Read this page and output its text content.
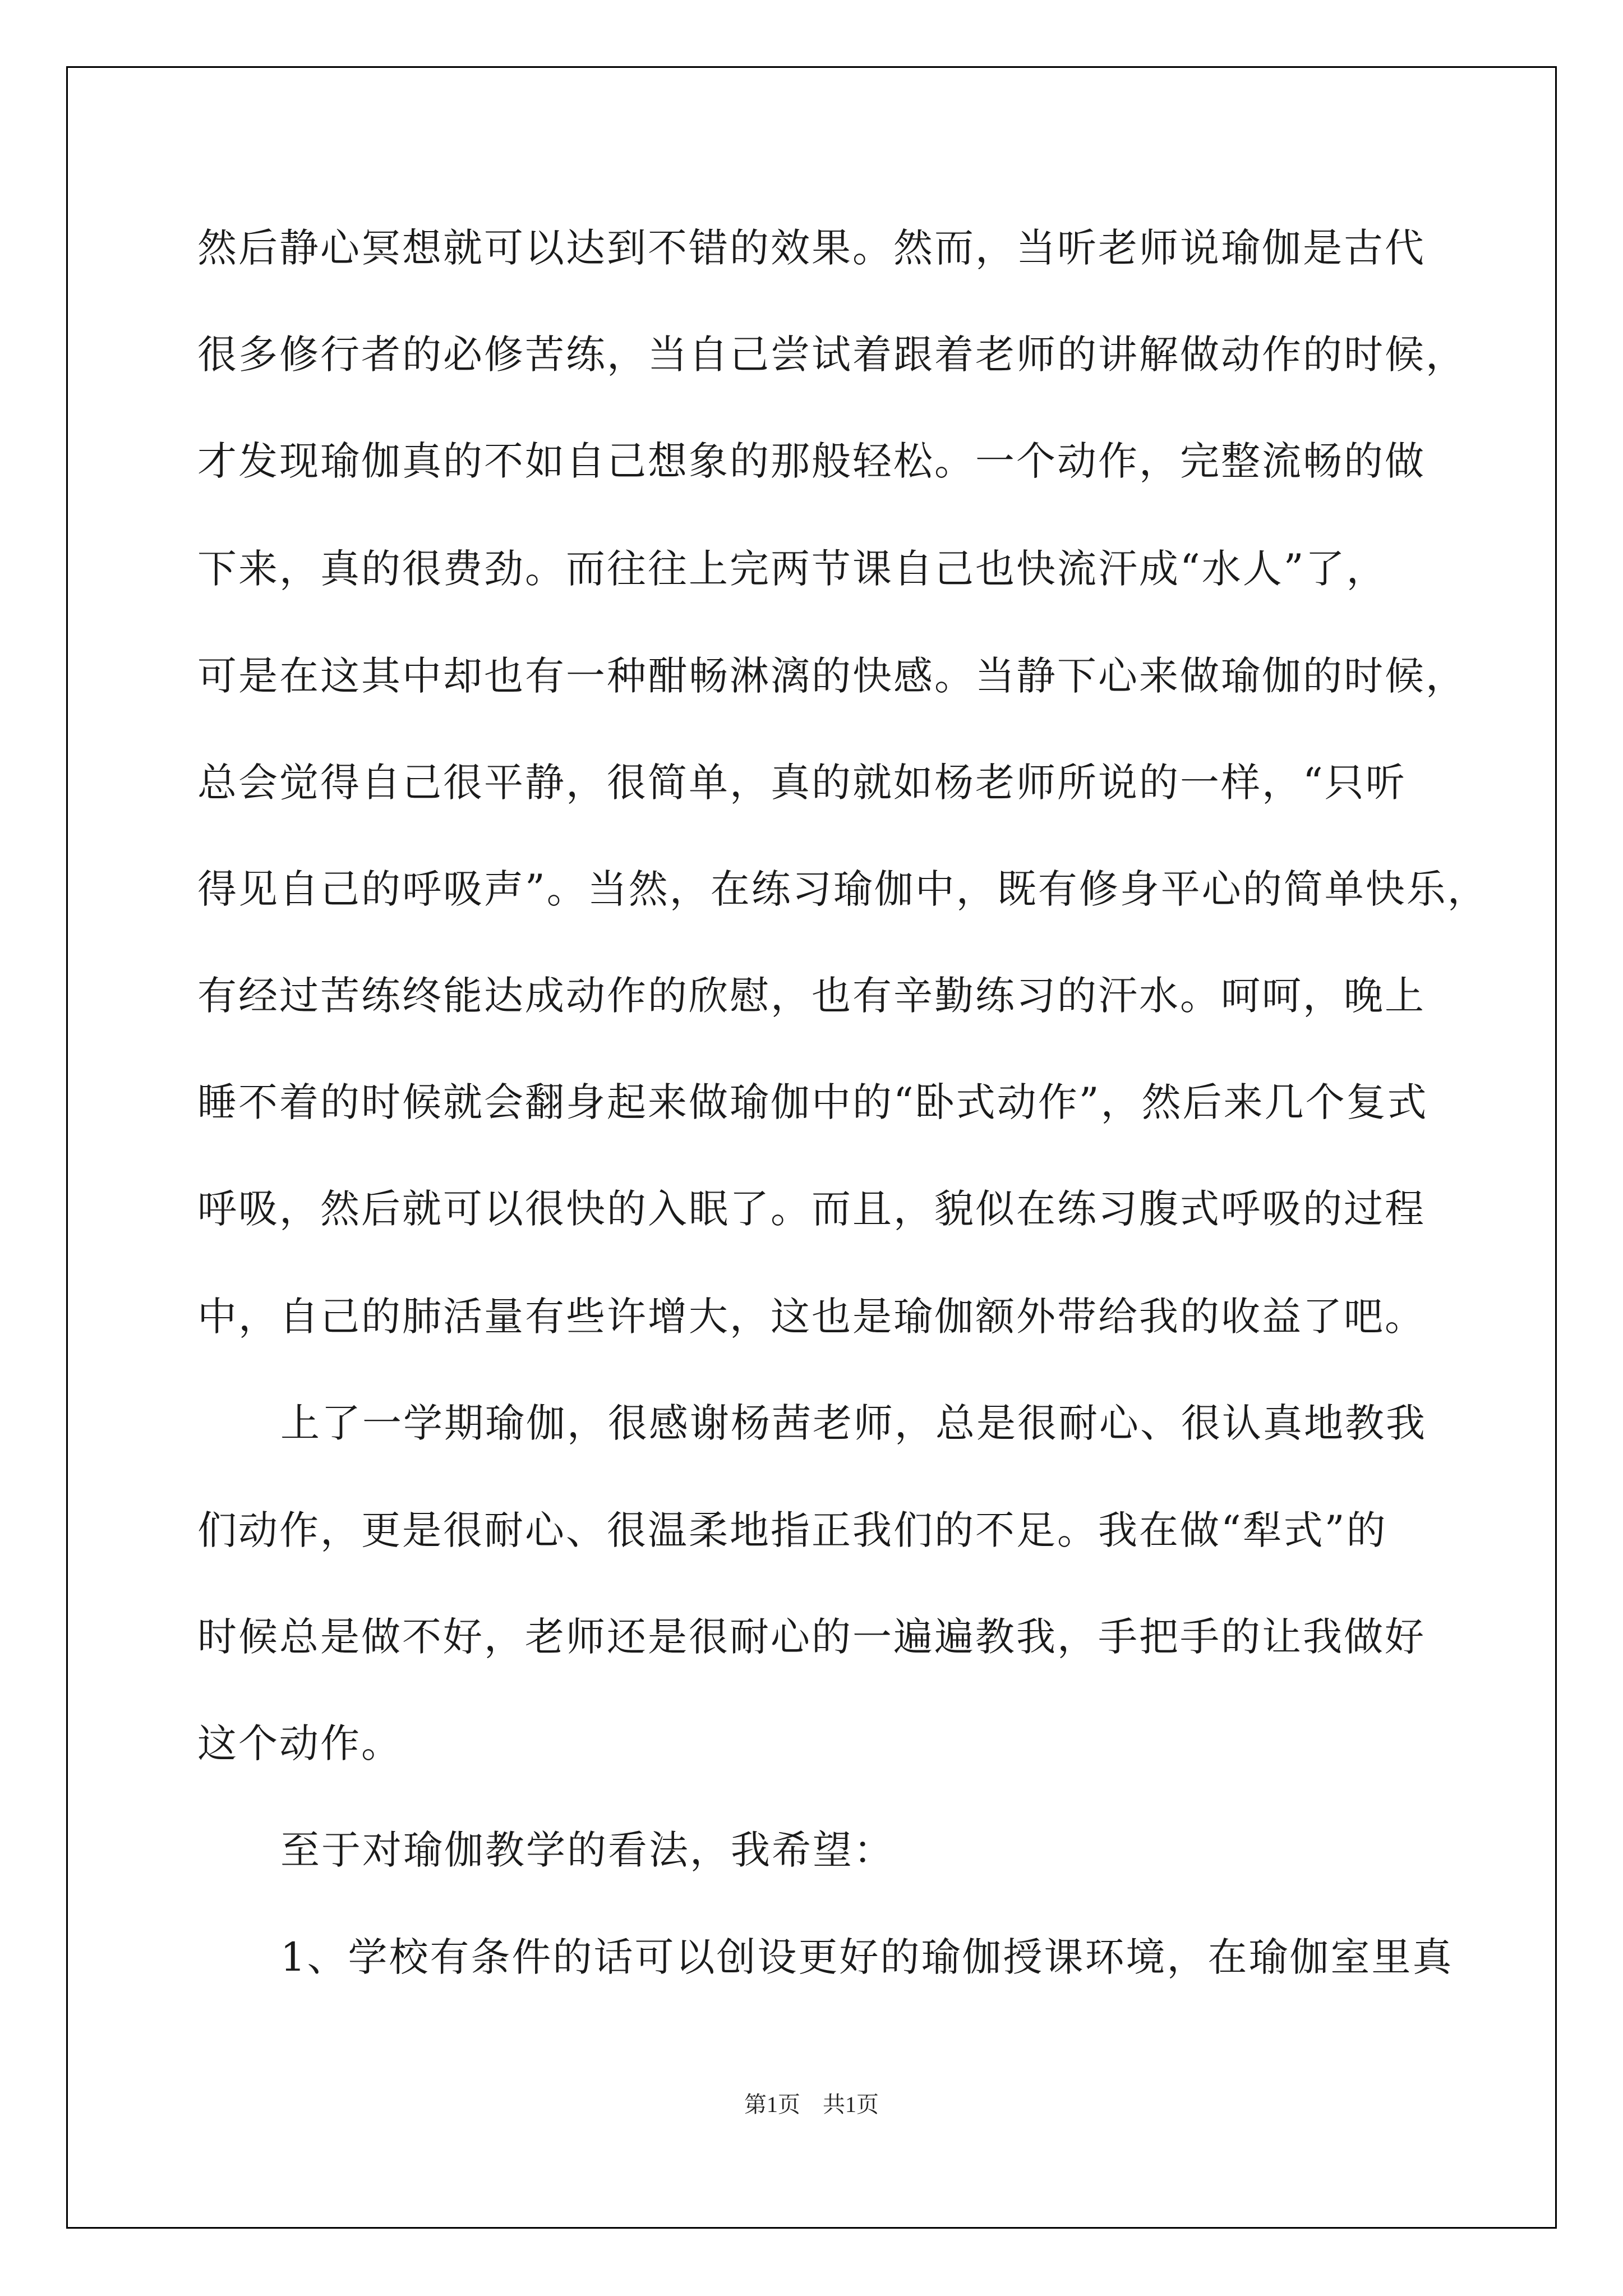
然后静心冥想就可以达到不错的效果。然而，当听老师说瑜伽是古代
很多修行者的必修苦练，当自己尝试着跟着老师的讲解做动作的时候，
才发现瑜伽真的不如自己想象的那般轻松。一个动作，完整流畅的做
下来，真的很费劲。而往往上完两节课自己也快流汗成“水人”了，
可是在这其中却也有一种酣畅淋漓的快感。当静下心来做瑜伽的时候，
总会觉得自己很平静，很简单，真的就如杨老师所说的一样，“只听
得见自己的呼吸声”。当然，在练习瑜伽中，既有修身平心的简单快乐，
有经过苦练终能达成动作的欣慰，也有辛勤练习的汗水。呵呵，晚上
睡不着的时候就会翻身起来做瑜伽中的“卧式动作”，然后来几个复式
呼吸，然后就可以很快的入眠了。而且，貌似在练习腹式呼吸的过程
中，自己的肺活量有些许增大，这也是瑜伽额外带给我的收益了吧。
上了一学期瑜伽，很感谢杨茜老师，总是很耐心、很认真地教我
们动作，更是很耐心、很温柔地指正我们的不足。我在做“犁式”的
时候总是做不好，老师还是很耐心的一遍遍教我，手把手的让我做好
这个动作。
至于对瑜伽教学的看法，我希望：
1、学校有条件的话可以创设更好的瑜伽授课环境，在瑜伽室里真
第1页　共1页
